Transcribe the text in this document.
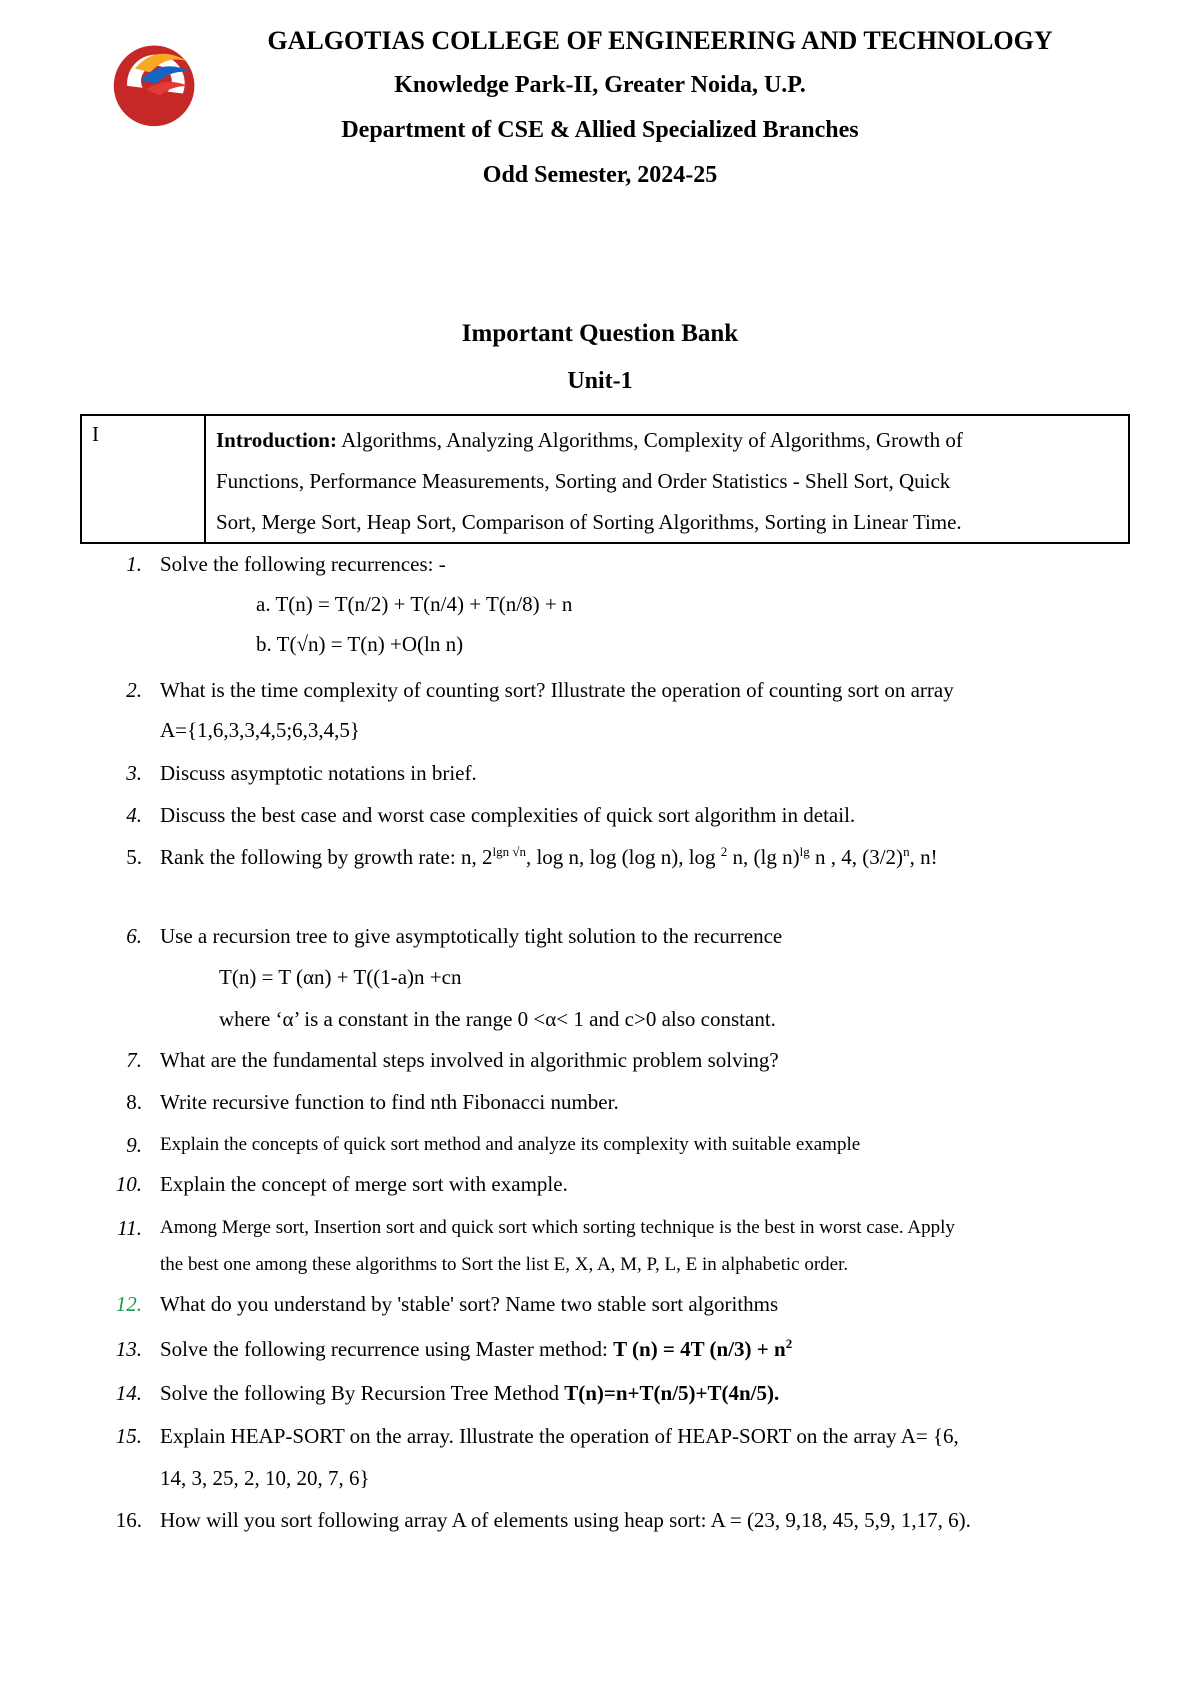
GALGOTIAS COLLEGE OF ENGINEERING AND TECHNOLOGY
Knowledge Park-II, Greater Noida, U.P.
Department of CSE & Allied Specialized Branches
Odd Semester, 2024-25
Important Question Bank
Unit-1
I	Introduction: Algorithms, Analyzing Algorithms, Complexity of Algorithms, Growth of
Functions, Performance Measurements, Sorting and Order Statistics - Shell Sort, Quick
Sort, Merge Sort, Heap Sort, Comparison of Sorting Algorithms, Sorting in Linear Time.
1. Solve the following recurrences: -
a. T(n) = T(n/2) + T(n/4) + T(n/8) + n
b. T(√n) = T(n) +O(ln n)
2. What is the time complexity of counting sort? Illustrate the operation of counting sort on array
A={1,6,3,3,4,5;6,3,4,5}
3. Discuss asymptotic notations in brief.
4. Discuss the best case and worst case complexities of quick sort algorithm in detail.
5. Rank the following by growth rate: n, $2^{lgn √n}$, log n, log (log n), log $^2$ n, (lg n)$^{lg}$ n , 4, $(3/2)^n$, n!
6. Use a recursion tree to give asymptotically tight solution to the recurrence
T(n) = T (αn) + T((1-a)n +cn
where ‘α’ is a constant in the range 0 <α< 1 and c>0 also constant.
7. What are the fundamental steps involved in algorithmic problem solving?
8. Write recursive function to find nth Fibonacci number.
9. Explain the concepts of quick sort method and analyze its complexity with suitable example
10. Explain the concept of merge sort with example.
11. Among Merge sort, Insertion sort and quick sort which sorting technique is the best in worst case. Apply
the best one among these algorithms to Sort the list E, X, A, M, P, L, E in alphabetic order.
12. What do you understand by 'stable' sort? Name two stable sort algorithms
13. Solve the following recurrence using Master method: T (n) = 4T $(n/3) + n^2$
14. Solve the following By Recursion Tree Method T(n)=n+T(n/5)+T(4n/5).
15. Explain HEAP-SORT on the array. Illustrate the operation of HEAP-SORT on the array A= {6,
14, 3, 25, 2, 10, 20, 7, 6}
16. How will you sort following array A of elements using heap sort: A = (23, 9,18, 45, 5,9, 1,17, 6).
